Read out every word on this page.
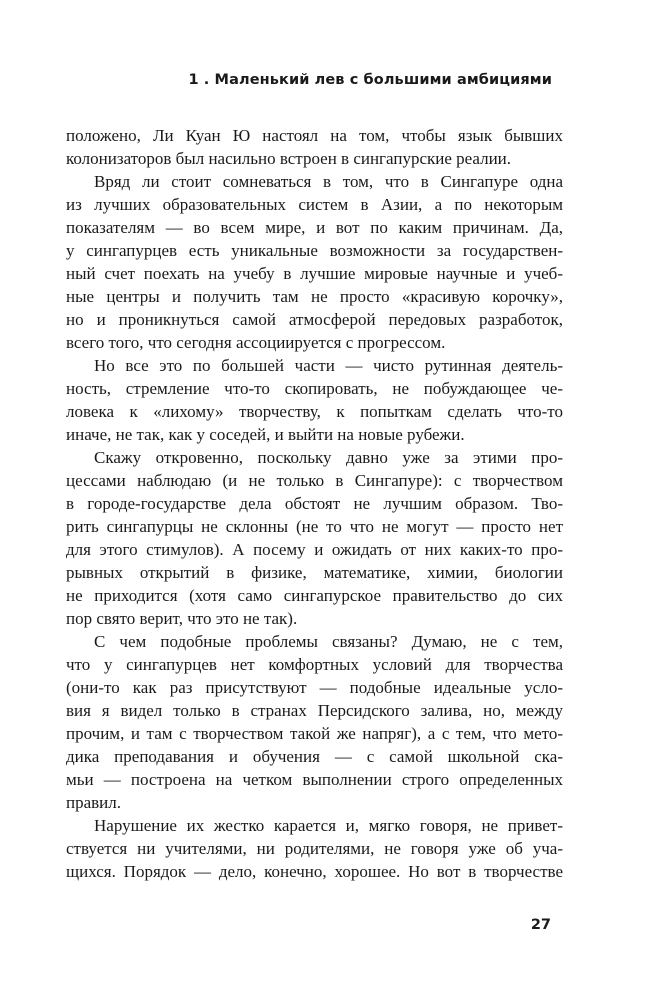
1 . Маленький лев с большими амбициями
положено, Ли Куан Ю настоял на том, чтобы язык бывших
колонизаторов был насильно встроен в сингапурские реалии.
Вряд ли стоит сомневаться в том, что в Сингапуре одна
из лучших образовательных систем в Азии, а по некоторым
показателям — во всем мире, и вот по каким причинам. Да,
у сингапурцев есть уникальные возможности за государствен-
ный счет поехать на учебу в лучшие мировые научные и учеб-
ные центры и получить там не просто «красивую корочку»,
но и проникнуться самой атмосферой передовых разработок,
всего того, что сегодня ассоциируется с прогрессом.
Но все это по большей части — чисто рутинная деятель-
ность, стремление что-то скопировать, не побуждающее че-
ловека к «лихому» творчеству, к попыткам сделать что-то
иначе, не так, как у соседей, и выйти на новые рубежи.
Скажу откровенно, поскольку давно уже за этими про-
цессами наблюдаю (и не только в Сингапуре): с творчеством
в городе-государстве дела обстоят не лучшим образом. Тво-
рить сингапурцы не склонны (не то что не могут — просто нет
для этого стимулов). А посему и ожидать от них каких-то про-
рывных открытий в физике, математике, химии, биологии
не приходится (хотя само сингапурское правительство до сих
пор свято верит, что это не так).
С чем подобные проблемы связаны? Думаю, не с тем,
что у сингапурцев нет комфортных условий для творчества
(они-то как раз присутствуют — подобные идеальные усло-
вия я видел только в странах Персидского залива, но, между
прочим, и там с творчеством такой же напряг), а с тем, что мето-
дика преподавания и обучения — с самой школьной ска-
мьи — построена на четком выполнении строго определенных
правил.
Нарушение их жестко карается и, мягко говоря, не привет-
ствуется ни учителями, ни родителями, не говоря уже об уча-
щихся. Порядок — дело, конечно, хорошее. Но вот в творчестве
27
